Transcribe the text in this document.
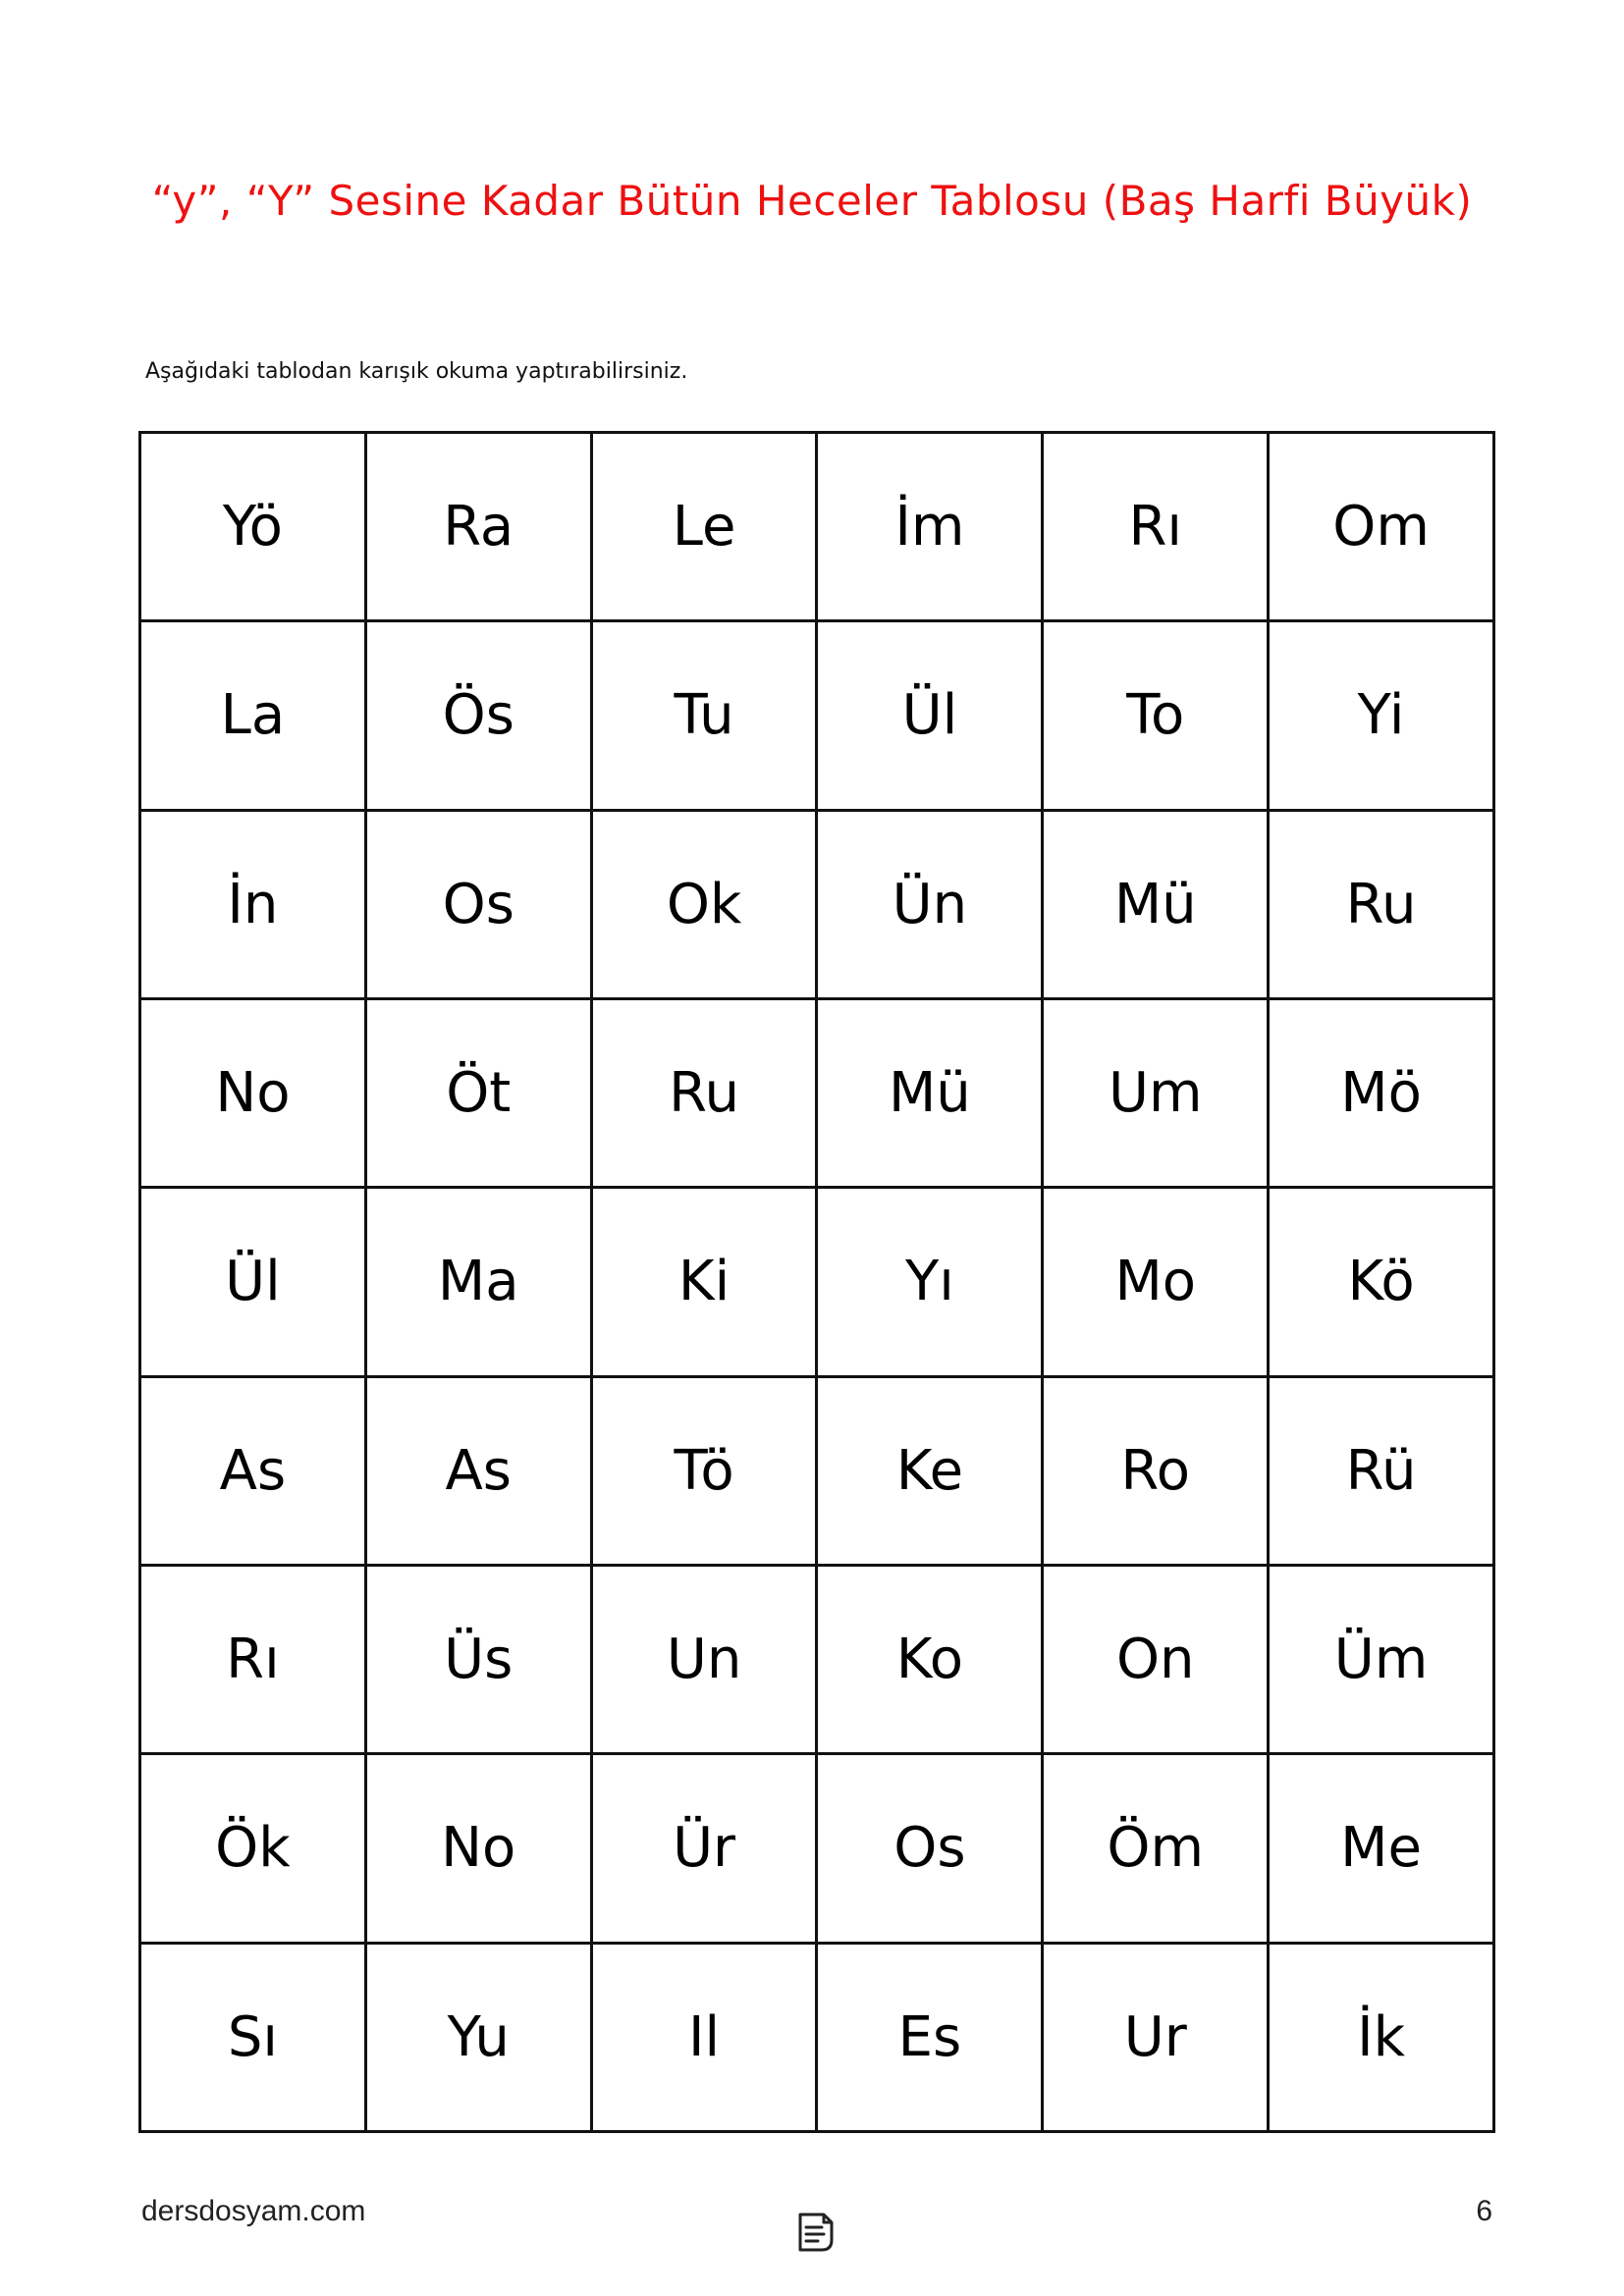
“y”, “Y” Sesine Kadar Bütün Heceler Tablosu (Baş Harfi Büyük)
Aşağıdaki tablodan karışık okuma yaptırabilirsiniz.
Yö	Ra	Le	İm	Rı	Om
La	Ös	Tu	Ül	To	Yi
İn	Os	Ok	Ün	Mü	Ru
No	Öt	Ru	Mü	Um	Mö
Ül	Ma	Ki	Yı	Mo	Kö
As	As	Tö	Ke	Ro	Rü
Rı	Üs	Un	Ko	On	Üm
Ök	No	Ür	Os	Öm	Me
Sı	Yu	Il	Es	Ur	İk
dersdosyam.com	6
